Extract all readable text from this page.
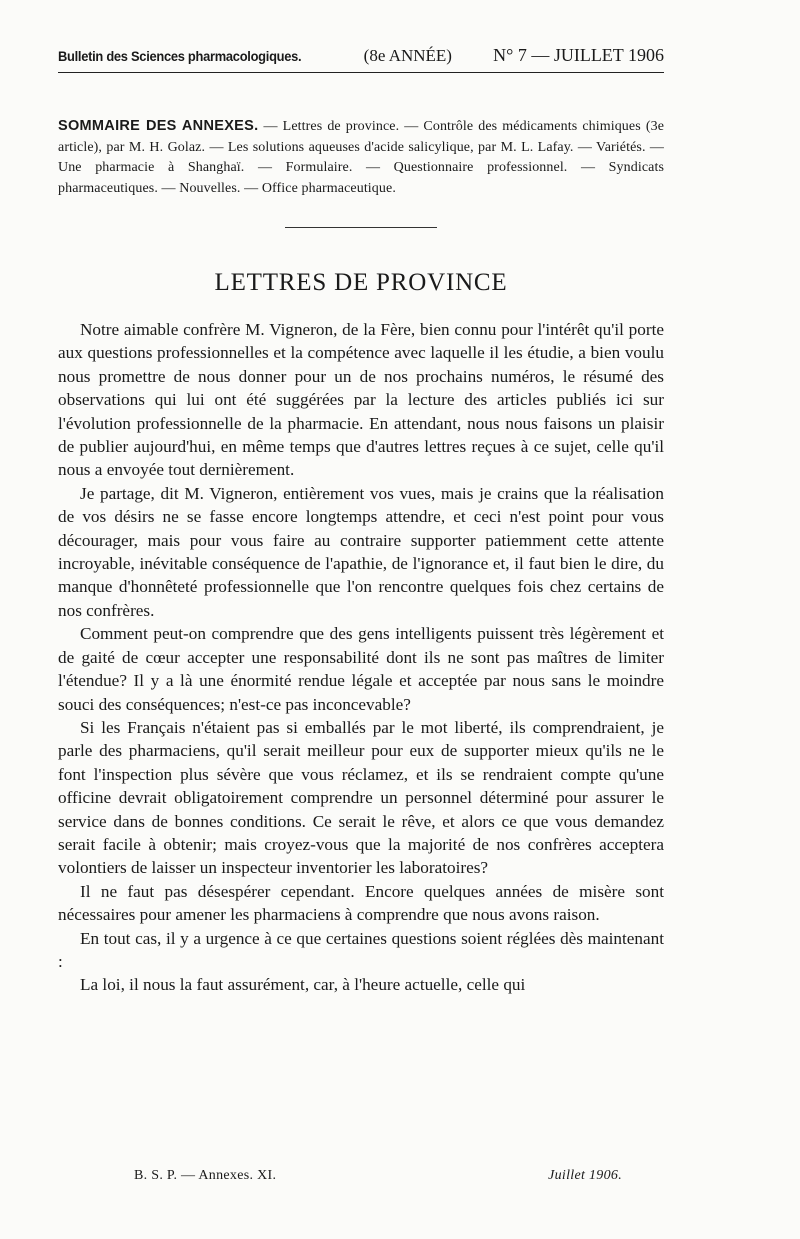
Bulletin des Sciences pharmacologiques.	(8e ANNÉE) N° 7 — JUILLET 1906
SOMMAIRE DES ANNEXES. — Lettres de province. — Contrôle des médicaments chimiques (3e article), par M. H. Golaz. — Les solutions aqueuses d'acide salicylique, par M. L. Lafay. — Variétés. — Une pharmacie à Shanghaï. — Formulaire. — Questionnaire professionnel. — Syndicats pharmaceutiques. — Nouvelles. — Office pharmaceutique.
LETTRES DE PROVINCE

Notre aimable confrère M. Vigneron, de la Fère, bien connu pour l'intérêt qu'il porte aux questions professionnelles et la compétence avec laquelle il les étudie, a bien voulu nous promettre de nous donner pour un de nos prochains numéros, le résumé des observations qui lui ont été suggérées par la lecture des articles publiés ici sur l'évolution professionnelle de la pharmacie. En attendant, nous nous faisons un plaisir de publier aujourd'hui, en même temps que d'autres lettres reçues à ce sujet, celle qu'il nous a envoyée tout dernièrement.

Je partage, dit M. Vigneron, entièrement vos vues, mais je crains que la réalisation de vos désirs ne se fasse encore longtemps attendre, et ceci n'est point pour vous décourager, mais pour vous faire au contraire supporter patiemment cette attente incroyable, inévitable conséquence de l'apathie, de l'ignorance et, il faut bien le dire, du manque d'honnêteté professionnelle que l'on rencontre quelques fois chez certains de nos confrères.

Comment peut-on comprendre que des gens intelligents puissent très légèrement et de gaité de cœur accepter une responsabilité dont ils ne sont pas maîtres de limiter l'étendue? Il y a là une énormité rendue légale et acceptée par nous sans le moindre souci des conséquences; n'est-ce pas inconcevable?

Si les Français n'étaient pas si emballés par le mot liberté, ils comprendraient, je parle des pharmaciens, qu'il serait meilleur pour eux de supporter mieux qu'ils ne le font l'inspection plus sévère que vous réclamez, et ils se rendraient compte qu'une officine devrait obligatoirement comprendre un personnel déterminé pour assurer le service dans de bonnes conditions. Ce serait le rêve, et alors ce que vous demandez serait facile à obtenir; mais croyez-vous que la majorité de nos confrères acceptera volontiers de laisser un inspecteur inventorier les laboratoires?

Il ne faut pas désespérer cependant. Encore quelques années de misère sont nécessaires pour amener les pharmaciens à comprendre que nous avons raison.

En tout cas, il y a urgence à ce que certaines questions soient réglées dès maintenant :

La loi, il nous la faut assurément, car, à l'heure actuelle, celle qui

B. S. P. — Annexes. XI.	Juillet 1906.
